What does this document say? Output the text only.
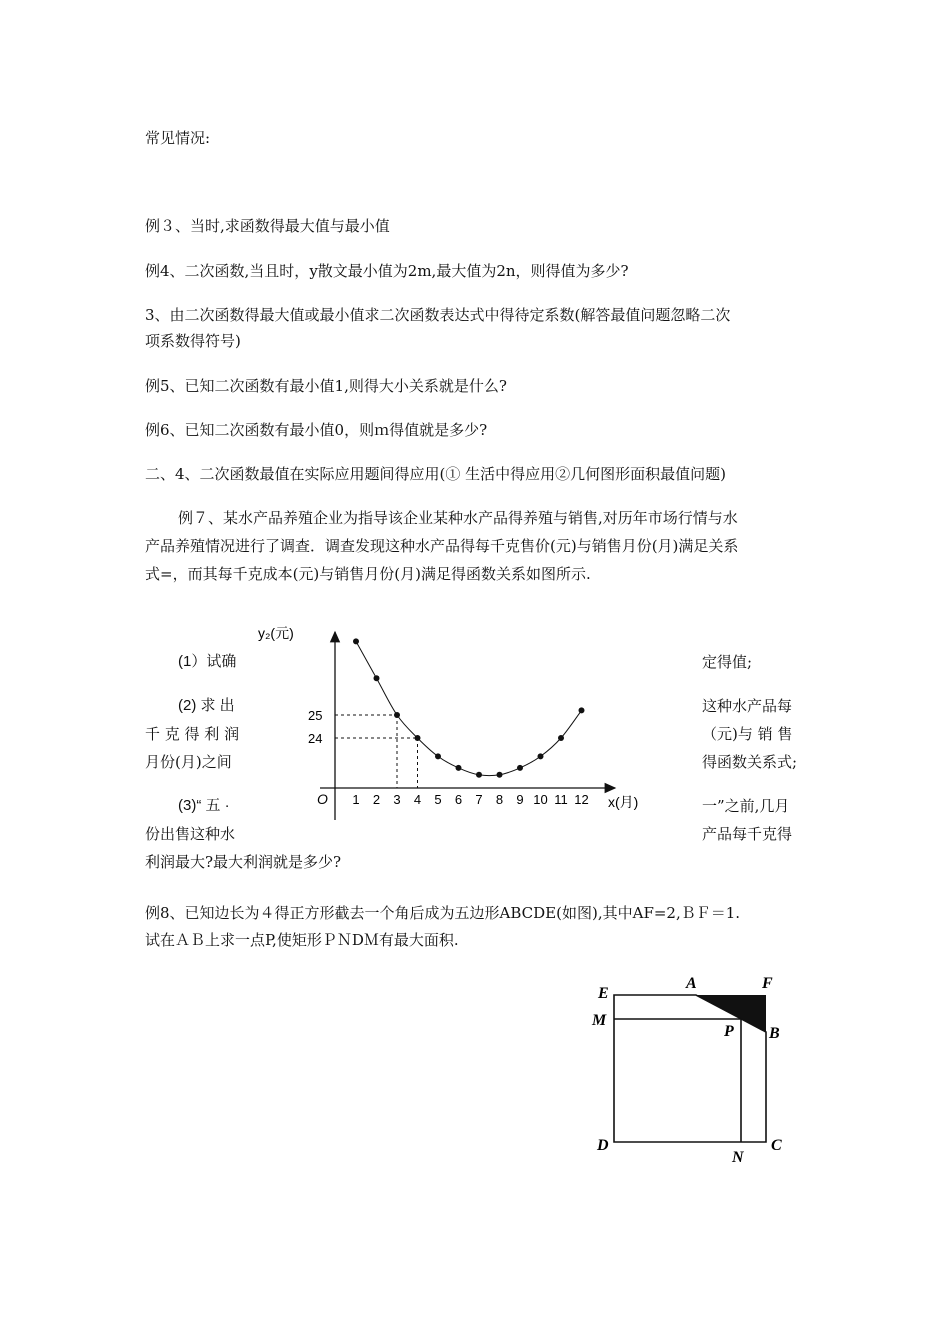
常见情况:
例３、当时,求函数得最大值与最小值
例4、二次函数,当且时，y散文最小值为2m,最大值为2n，则得值为多少?
3、由二次函数得最大值或最小值求二次函数表达式中得待定系数(解答最值问题忽略二次
项系数得符号)
例5、已知二次函数有最小值1,则得大小关系就是什么?
例6、已知二次函数有最小值0，则ｍ得值就是多少?
二、4、二次函数最值在实际应用题间得应用(① 生活中得应用②几何图形面积最值问题)
例７、某水产品养殖企业为指导该企业某种水产品得养殖与销售,对历年市场行情与水
产品养殖情况进行了调查．调查发现这种水产品得每千克售价(元)与销售月份(月)满足关系
式=，而其每千克成本(元)与销售月份(月)满足得函数关系如图所示.
(1）试确	定得值;
(2) 求 出
千 克 得 利 润
月份(月)之间
这种水产品每
（元)与 销 售
得函数关系式;
(3)“ 五 ·
份出售这种水
一”之前,几月
产品每千克得
利润最大?最大利润就是多少?
y₂(元)
x(月)
O 1 2 3 4 5 6 7 8 9 10 11 12
25
24
例8、已知边长为４得正方形截去一个角后成为五边形ABCDE(如图),其中AF=2,ＢＦ＝1.
试在ＡＢ上求一点P,使矩形ＰＮDＭ有最大面积.
E
A	F
M
P B
D
N
C
